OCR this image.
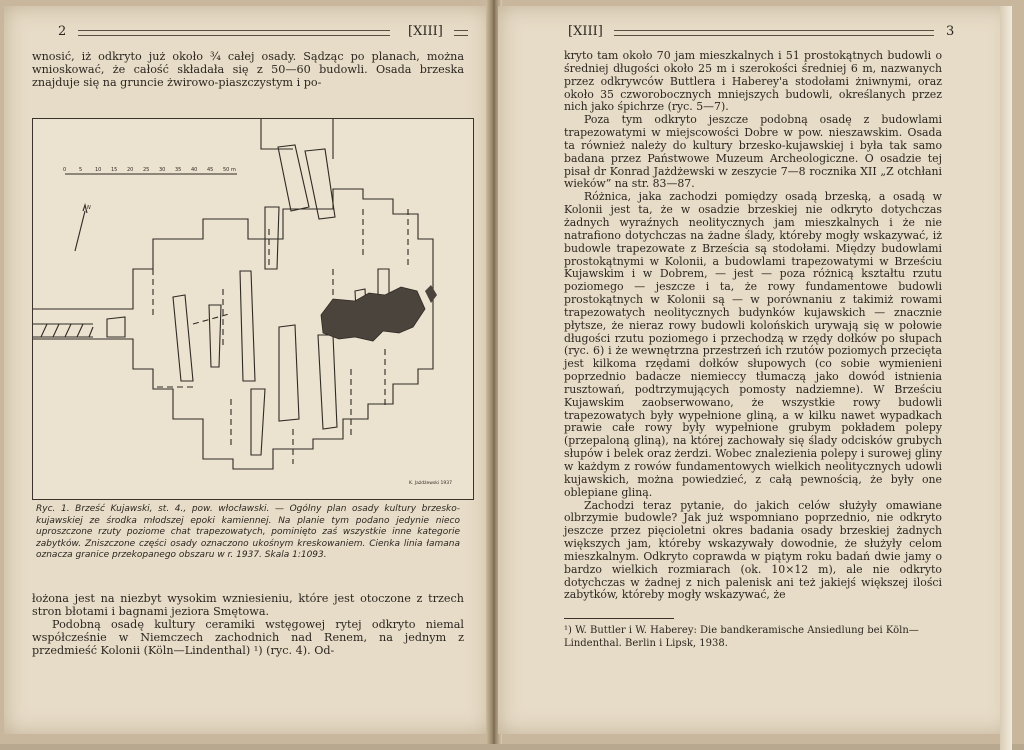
2	[XIII]

wnosić, iż odkryto już około ¾ całej osady. Sądząc po planach, można wnioskować, że całość składała się z 50—60 budowli. Osada brzeska znajduje się na gruncie żwirowo-piaszczystym i po-

0	5	10 15 20 25 30 35 40 45 50 m
N
K. Jażdżewski 1937
Ryc. 1. Brześć Kujawski, st. 4., pow. włocławski. — Ogólny plan osady kultury brzesko-kujawskiej ze środka młodszej epoki kamiennej. Na planie tym podano jedynie nieco uproszczone rzuty poziome chat trapezowatych, pominięto zaś wszystkie inne kategorie zabytków. Zniszczone części osady oznaczono ukośnym kreskowaniem. Cienka linia łamana oznacza granice przekopanego obszaru w r. 1937. Skala 1:1093.

łożona jest na niezbyt wysokim wzniesieniu, które jest otoczone z trzech stron błotami i bagnami jeziora Smętowa.

Podobną osadę kultury ceramiki wstęgowej rytej odkryto niemal współcześnie w Niemczech zachodnich nad Renem, na jednym z przedmieść Kolonii (Köln—Lindenthal) ¹) (ryc. 4). Od-

[XIII]	3

kryto tam około 70 jam mieszkalnych i 51 prostokątnych budowli o średniej długości około 25 m i szerokości średniej 6 m, nazwanych przez odkrywców Buttlera i Haberey'a stodołami żniwnymi, oraz około 35 czworobocznych mniejszych budowli, określanych przez nich jako śpichrze (ryc. 5—7).

Poza tym odkryto jeszcze podobną osadę z budowlami trapezowatymi w miejscowości Dobre w pow. nieszawskim. Osada ta również należy do kultury brzesko-kujawskiej i była tak samo badana przez Państwowe Muzeum Archeologiczne. O osadzie tej pisał dr Konrad Jażdżewski w zeszycie 7—8 rocznika XII „Z otchłani wieków” na str. 83—87.

Różnica, jaka zachodzi pomiędzy osadą brzeską, a osadą w Kolonii jest ta, że w osadzie brzeskiej nie odkryto dotychczas żadnych wyraźnych neolitycznych jam mieszkalnych i że nie natrafiono dotychczas na żadne ślady, któreby mogły wskazywać, iż budowle trapezowate z Brześcia są stodołami. Między budowlami prostokątnymi w Kolonii, a budowlami trapezowatymi w Brześciu Kujawskim i w Dobrem, — jest — poza różnicą kształtu rzutu poziomego — jeszcze i ta, że rowy fundamentowe budowli prostokątnych w Kolonii są — w porównaniu z takimiż rowami trapezowatych neolitycznych budynków kujawskich — znacznie płytsze, że nieraz rowy budowli kolońskich urywają się w połowie długości rzutu poziomego i przechodzą w rzędy dołków po słupach (ryc. 6) i że wewnętrzna przestrzeń ich rzutów poziomych przecięta jest kilkoma rzędami dołków słupowych (co sobie wymienieni poprzednio badacze niemieccy tłumaczą jako dowód istnienia rusztowań, podtrzymujących pomosty nadziemne). W Brześciu Kujawskim zaobserwowano, że wszystkie rowy budowli trapezowatych były wypełnione gliną, a w kilku nawet wypadkach prawie całe rowy były wypełnione grubym pokładem polepy (przepaloną gliną), na której zachowały się ślady odcisków grubych słupów i belek oraz żerdzi. Wobec znalezienia polepy i surowej gliny w każdym z rowów fundamentowych wielkich neolitycznych udowli kujawskich, można powiedzieć, z całą pewnością, że były one oblepiane gliną.

Zachodzi teraz pytanie, do jakich celów służyły omawiane olbrzymie budowle? Jak już wspomniano poprzednio, nie odkryto jeszcze przez pięcioletni okres badania osady brzeskiej żadnych większych jam, któreby wskazywały dowodnie, że służyły celom mieszkalnym. Odkryto coprawda w piątym roku badań dwie jamy o bardzo wielkich rozmiarach (ok. 10×12 m), ale nie odkryto dotychczas w żadnej z nich palenisk ani też jakiejś większej ilości zabytków, któreby mogły wskazywać, że

¹) W. Buttler i W. Haberey: Die bandkeramische Ansiedlung bei Köln—Lindenthal. Berlin i Lipsk, 1938.
